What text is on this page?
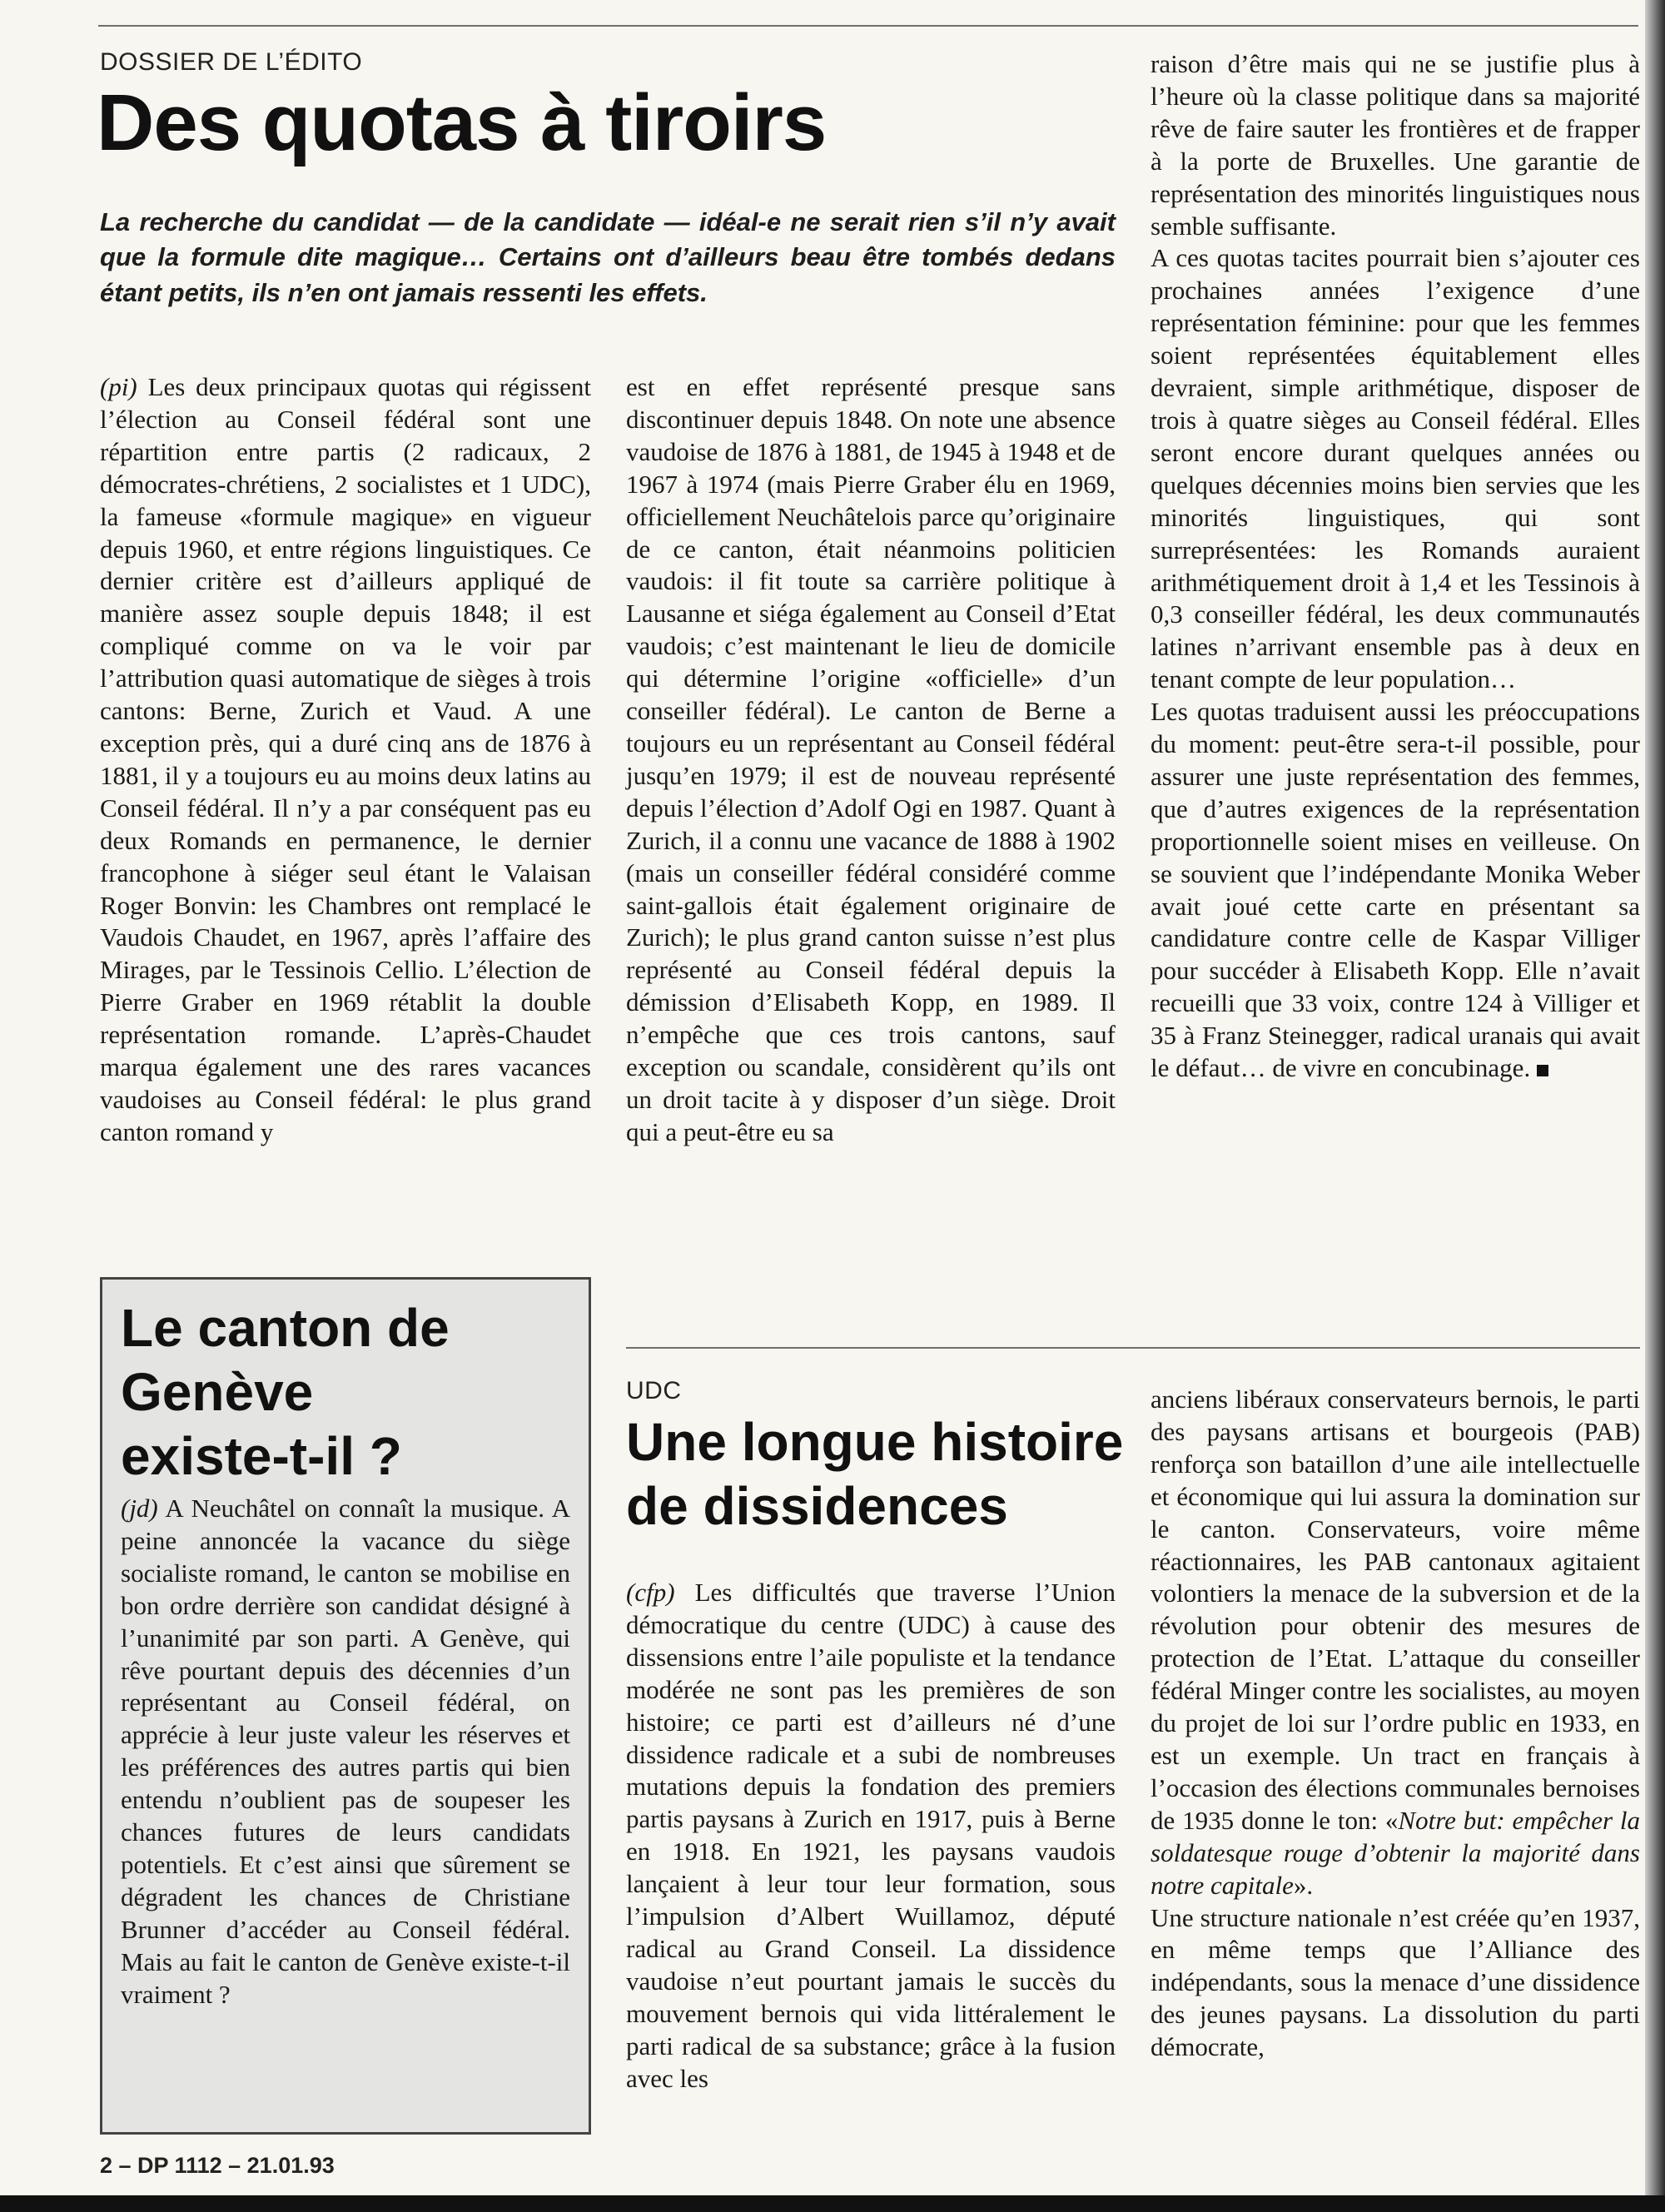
DOSSIER DE L’ÉDITO
Des quotas à tiroirs
La recherche du candidat — de la candidate — idéal-e ne serait rien s’il n’y avait que la formule dite magique… Certains ont d’ailleurs beau être tombés dedans étant petits, ils n’en ont jamais ressenti les effets.

(pi) Les deux principaux quotas qui régissent l’élection au Conseil fédéral sont une répartition entre partis (2 radicaux, 2 démocrates-chrétiens, 2 socialistes et 1 UDC), la fameuse «formule magique» en vigueur depuis 1960, et entre régions linguistiques. Ce dernier critère est d’ailleurs appliqué de manière assez souple depuis 1848; il est compliqué comme on va le voir par l’attribution quasi automatique de sièges à trois cantons: Berne, Zurich et Vaud. A une exception près, qui a duré cinq ans de 1876 à 1881, il y a toujours eu au moins deux latins au Conseil fédéral. Il n’y a par conséquent pas eu deux Romands en permanence, le dernier francophone à siéger seul étant le Valaisan Roger Bonvin: les Chambres ont remplacé le Vaudois Chaudet, en 1967, après l’affaire des Mirages, par le Tessinois Cellio. L’élection de Pierre Graber en 1969 rétablit la double représentation romande. L’après-Chaudet marqua également une des rares vacances vaudoises au Conseil fédéral: le plus grand canton romand y

est en effet représenté presque sans discontinuer depuis 1848. On note une absence vaudoise de 1876 à 1881, de 1945 à 1948 et de 1967 à 1974 (mais Pierre Graber élu en 1969, officiellement Neuchâtelois parce qu’originaire de ce canton, était néanmoins politicien vaudois: il fit toute sa carrière politique à Lausanne et siéga également au Conseil d’Etat vaudois; c’est maintenant le lieu de domicile qui détermine l’origine «officielle» d’un conseiller fédéral). Le canton de Berne a toujours eu un représentant au Conseil fédéral jusqu’en 1979; il est de nouveau représenté depuis l’élection d’Adolf Ogi en 1987. Quant à Zurich, il a connu une vacance de 1888 à 1902 (mais un conseiller fédéral considéré comme saint-gallois était également originaire de Zurich); le plus grand canton suisse n’est plus représenté au Conseil fédéral depuis la démission d’Elisabeth Kopp, en 1989. Il n’empêche que ces trois cantons, sauf exception ou scandale, considèrent qu’ils ont un droit tacite à y disposer d’un siège. Droit qui a peut-être eu sa

raison d’être mais qui ne se justifie plus à l’heure où la classe politique dans sa majorité rêve de faire sauter les frontières et de frapper à la porte de Bruxelles. Une garantie de représentation des minorités linguistiques nous semble suffisante.

A ces quotas tacites pourrait bien s’ajouter ces prochaines années l’exigence d’une représentation féminine: pour que les femmes soient représentées équitablement elles devraient, simple arithmétique, disposer de trois à quatre sièges au Conseil fédéral. Elles seront encore durant quelques années ou quelques décennies moins bien servies que les minorités linguistiques, qui sont surreprésentées: les Romands auraient arithmétiquement droit à 1,4 et les Tessinois à 0,3 conseiller fédéral, les deux communautés latines n’arrivant ensemble pas à deux en tenant compte de leur population…

Les quotas traduisent aussi les préoccupations du moment: peut-être sera-t-il possible, pour assurer une juste représentation des femmes, que d’autres exigences de la représentation proportionnelle soient mises en veilleuse. On se souvient que l’indépendante Monika Weber avait joué cette carte en présentant sa candidature contre celle de Kaspar Villiger pour succéder à Elisabeth Kopp. Elle n’avait recueilli que 33 voix, contre 124 à Villiger et 35 à Franz Steinegger, radical uranais qui avait le défaut… de vivre en concubinage.

Le canton de
Genève
existe-t-il ?

(jd) A Neuchâtel on connaît la musique. A peine annoncée la vacance du siège socialiste romand, le canton se mobilise en bon ordre derrière son candidat désigné à l’unanimité par son parti. A Genève, qui rêve pourtant depuis des décennies d’un représentant au Conseil fédéral, on apprécie à leur juste valeur les réserves et les préférences des autres partis qui bien entendu n’oublient pas de soupeser les chances futures de leurs candidats potentiels. Et c’est ainsi que sûrement se dégradent les chances de Christiane Brunner d’accéder au Conseil fédéral. Mais au fait le canton de Genève existe-t-il vraiment ?

UDC
Une longue histoire
de dissidences

(cfp) Les difficultés que traverse l’Union démocratique du centre (UDC) à cause des dissensions entre l’aile populiste et la tendance modérée ne sont pas les premières de son histoire; ce parti est d’ailleurs né d’une dissidence radicale et a subi de nombreuses mutations depuis la fondation des premiers partis paysans à Zurich en 1917, puis à Berne en 1918. En 1921, les paysans vaudois lançaient à leur tour leur formation, sous l’impulsion d’Albert Wuillamoz, député radical au Grand Conseil. La dissidence vaudoise n’eut pourtant jamais le succès du mouvement bernois qui vida littéralement le parti radical de sa substance; grâce à la fusion avec les

anciens libéraux conservateurs bernois, le parti des paysans artisans et bourgeois (PAB) renforça son bataillon d’une aile intellectuelle et économique qui lui assura la domination sur le canton. Conservateurs, voire même réactionnaires, les PAB cantonaux agitaient volontiers la menace de la subversion et de la révolution pour obtenir des mesures de protection de l’Etat. L’attaque du conseiller fédéral Minger contre les socialistes, au moyen du projet de loi sur l’ordre public en 1933, en est un exemple. Un tract en français à l’occasion des élections communales bernoises de 1935 donne le ton: «Notre but: empêcher la soldatesque rouge d’obtenir la majorité dans notre capitale».

Une structure nationale n’est créée qu’en 1937, en même temps que l’Alliance des indépendants, sous la menace d’une dissidence des jeunes paysans. La dissolution du parti démocrate,

2 – DP 1112 – 21.01.93
